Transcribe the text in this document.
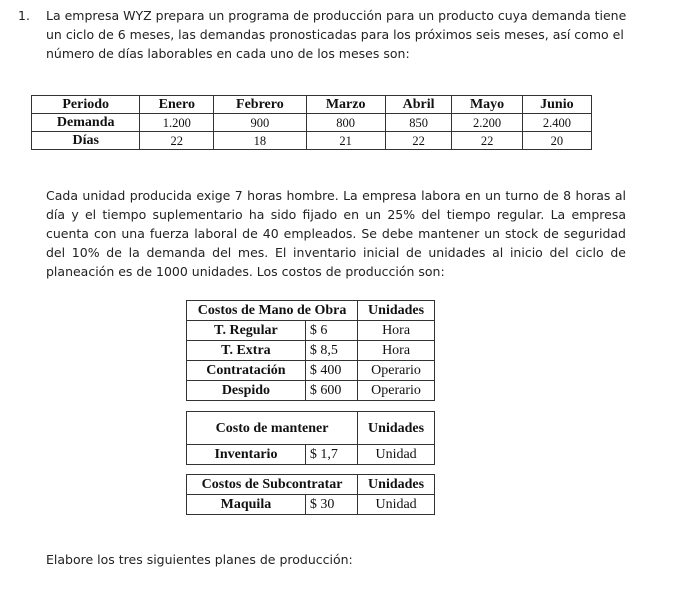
1. La empresa WYZ prepara un programa de producción para un producto cuya demanda tiene un ciclo de 6 meses, las demandas pronosticadas para los próximos seis meses, así como el número de días laborables en cada uno de los meses son:
Periodo	Enero	Febrero	Marzo	Abril	Mayo	Junio
Demanda	1.200	900	800	850	2.200	2.400
Días	22	18	21	22	22	20
Cada unidad producida exige 7 horas hombre. La empresa labora en un turno de 8 horas al día y el tiempo suplementario ha sido fijado en un 25% del tiempo regular. La empresa cuenta con una fuerza laboral de 40 empleados. Se debe mantener un stock de seguridad del 10% de la demanda del mes. El inventario inicial de unidades al inicio del ciclo de planeación es de 1000 unidades. Los costos de producción son:
Costos de Mano de Obra		Unidades
T. Regular	$ 6	Hora
T. Extra	$ 8,5	Hora
Contratación	$ 400	Operario
Despido	$ 600	Operario
Costo de mantener		Unidades
Inventario	$ 1,7	Unidad
Costos de Subcontratar		Unidades
Maquila	$ 30	Unidad
Elabore los tres siguientes planes de producción:
